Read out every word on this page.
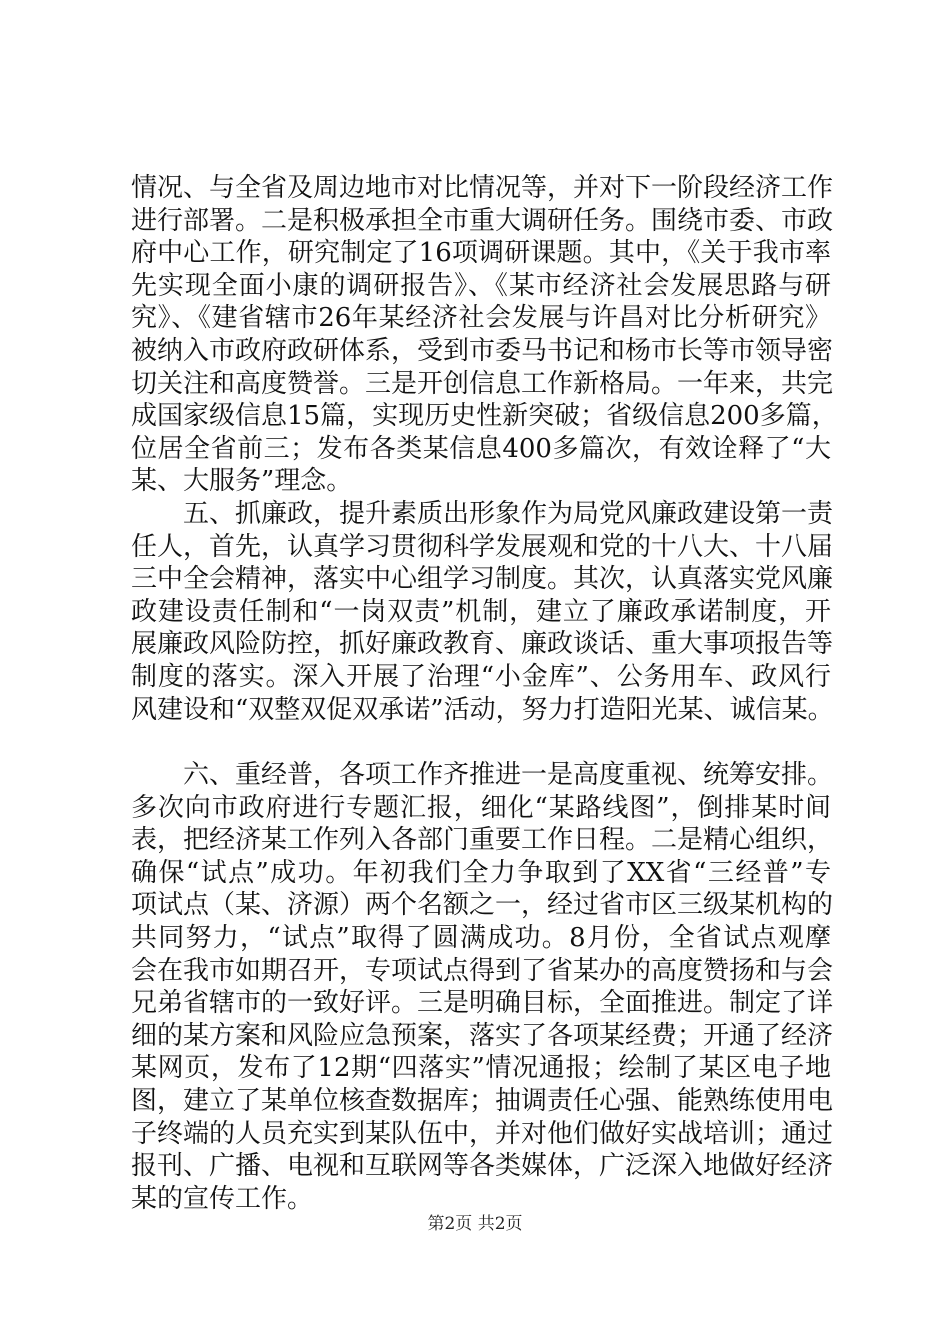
情况、与全省及周边地市对比情况等，并对下一阶段经济工作
进行部署。二是积极承担全市重大调研任务。围绕市委、市政
府中心工作，研究制定了16项调研课题。其中，《关于我市率
先实现全面小康的调研报告》、《某市经济社会发展思路与研
究》、《建省辖市26年某经济社会发展与许昌对比分析研究》
被纳入市政府政研体系，受到市委马书记和杨市长等市领导密
切关注和高度赞誉。三是开创信息工作新格局。一年来，共完
成国家级信息15篇，实现历史性新突破；省级信息200多篇，
位居全省前三；发布各类某信息400多篇次，有效诠释了“大
某、大服务”理念。
　　五、抓廉政，提升素质出形象作为局党风廉政建设第一责
任人，首先，认真学习贯彻科学发展观和党的十八大、十八届
三中全会精神，落实中心组学习制度。其次，认真落实党风廉
政建设责任制和“一岗双责”机制，建立了廉政承诺制度，开
展廉政风险防控，抓好廉政教育、廉政谈话、重大事项报告等
制度的落实。深入开展了治理“小金库”、公务用车、政风行
风建设和“双整双促双承诺”活动，努力打造阳光某、诚信某。
　　六、重经普，各项工作齐推进一是高度重视、统筹安排。
多次向市政府进行专题汇报，细化“某路线图”，倒排某时间
表，把经济某工作列入各部门重要工作日程。二是精心组织，
确保“试点”成功。年初我们全力争取到了XX省“三经普”专
项试点（某、济源）两个名额之一，经过省市区三级某机构的
共同努力，“试点”取得了圆满成功。8月份，全省试点观摩
会在我市如期召开，专项试点得到了省某办的高度赞扬和与会
兄弟省辖市的一致好评。三是明确目标，全面推进。制定了详
细的某方案和风险应急预案，落实了各项某经费；开通了经济
某网页，发布了12期“四落实”情况通报；绘制了某区电子地
图，建立了某单位核查数据库；抽调责任心强、能熟练使用电
子终端的人员充实到某队伍中，并对他们做好实战培训；通过
报刊、广播、电视和互联网等各类媒体，广泛深入地做好经济
某的宣传工作。
第2页 共2页
